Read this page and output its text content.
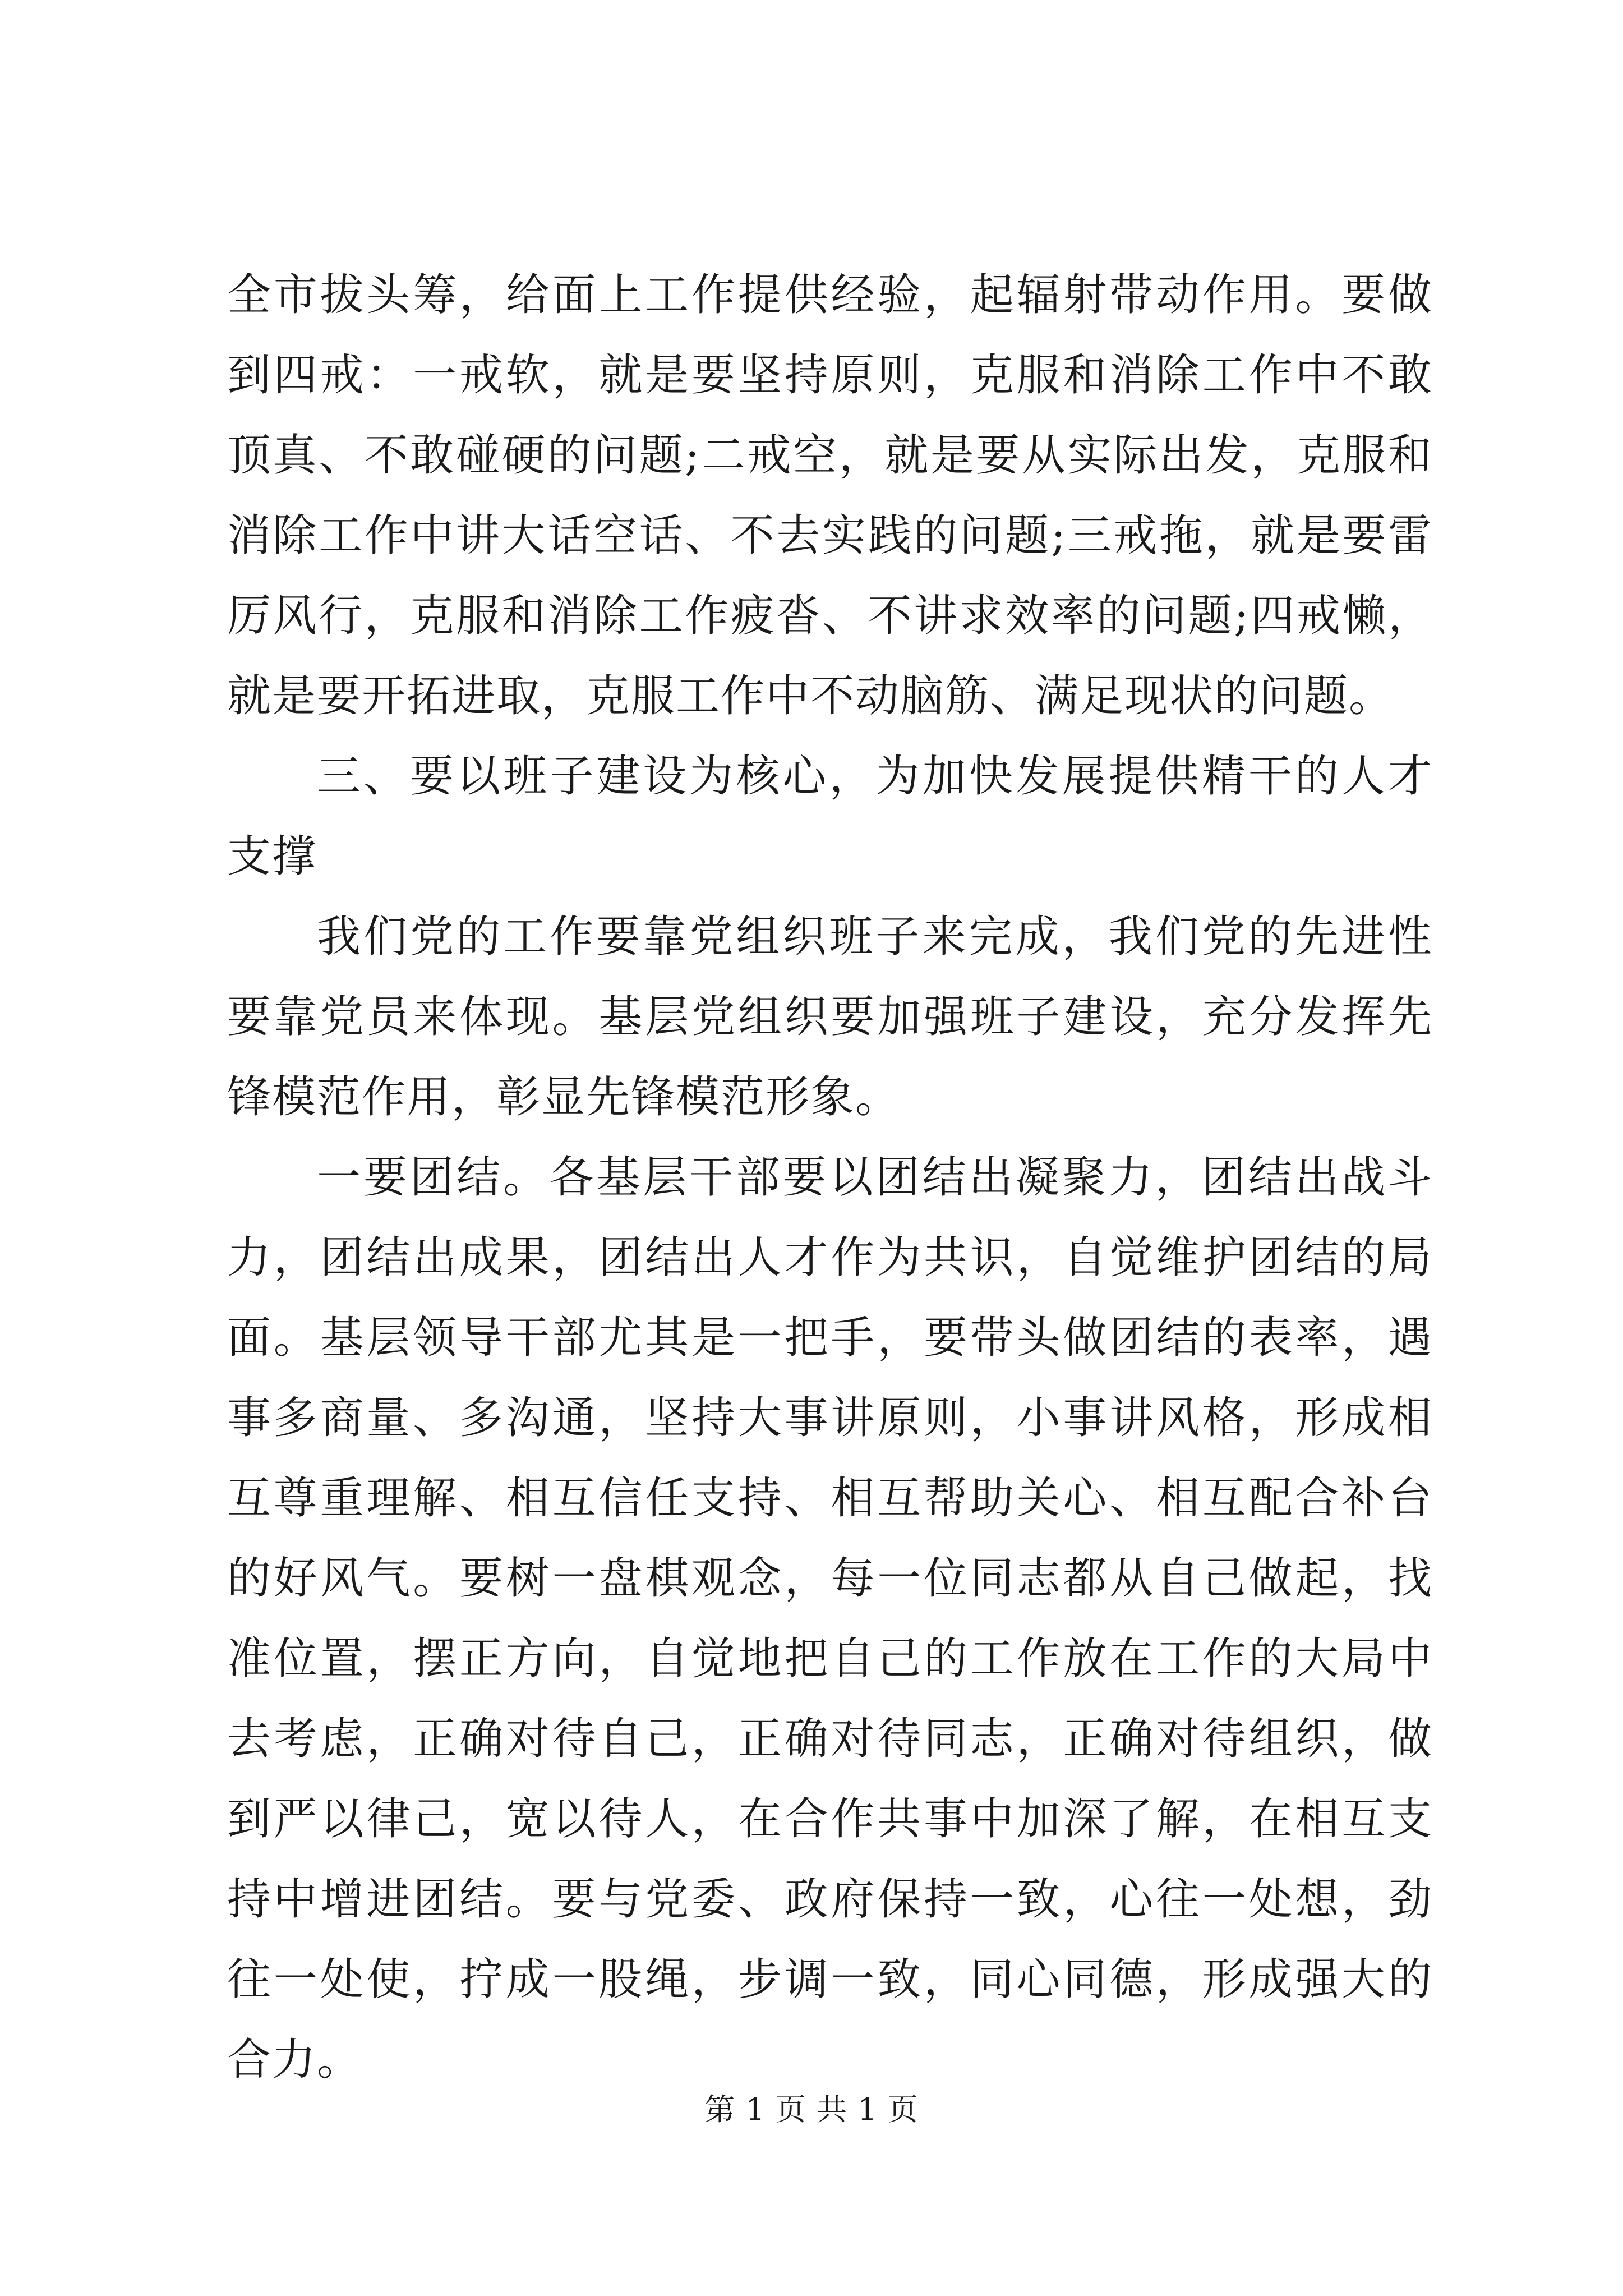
全市拔头筹，给面上工作提供经验，起辐射带动作用。要做到四戒：一戒软，就是要坚持原则，克服和消除工作中不敢顶真、不敢碰硬的问题;二戒空，就是要从实际出发，克服和消除工作中讲大话空话、不去实践的问题;三戒拖，就是要雷厉风行，克服和消除工作疲沓、不讲求效率的问题;四戒懒，就是要开拓进取，克服工作中不动脑筋、满足现状的问题。

三、要以班子建设为核心，为加快发展提供精干的人才支撑

我们党的工作要靠党组织班子来完成，我们党的先进性要靠党员来体现。基层党组织要加强班子建设，充分发挥先锋模范作用，彰显先锋模范形象。

一要团结。各基层干部要以团结出凝聚力，团结出战斗力，团结出成果，团结出人才作为共识，自觉维护团结的局面。基层领导干部尤其是一把手，要带头做团结的表率，遇事多商量、多沟通，坚持大事讲原则，小事讲风格，形成相互尊重理解、相互信任支持、相互帮助关心、相互配合补台的好风气。要树一盘棋观念，每一位同志都从自己做起，找准位置，摆正方向，自觉地把自己的工作放在工作的大局中去考虑，正确对待自己，正确对待同志，正确对待组织，做到严以律己，宽以待人，在合作共事中加深了解，在相互支持中增进团结。要与党委、政府保持一致，心往一处想，劲往一处使，拧成一股绳，步调一致，同心同德，形成强大的合力。

第 1 页 共 1 页
